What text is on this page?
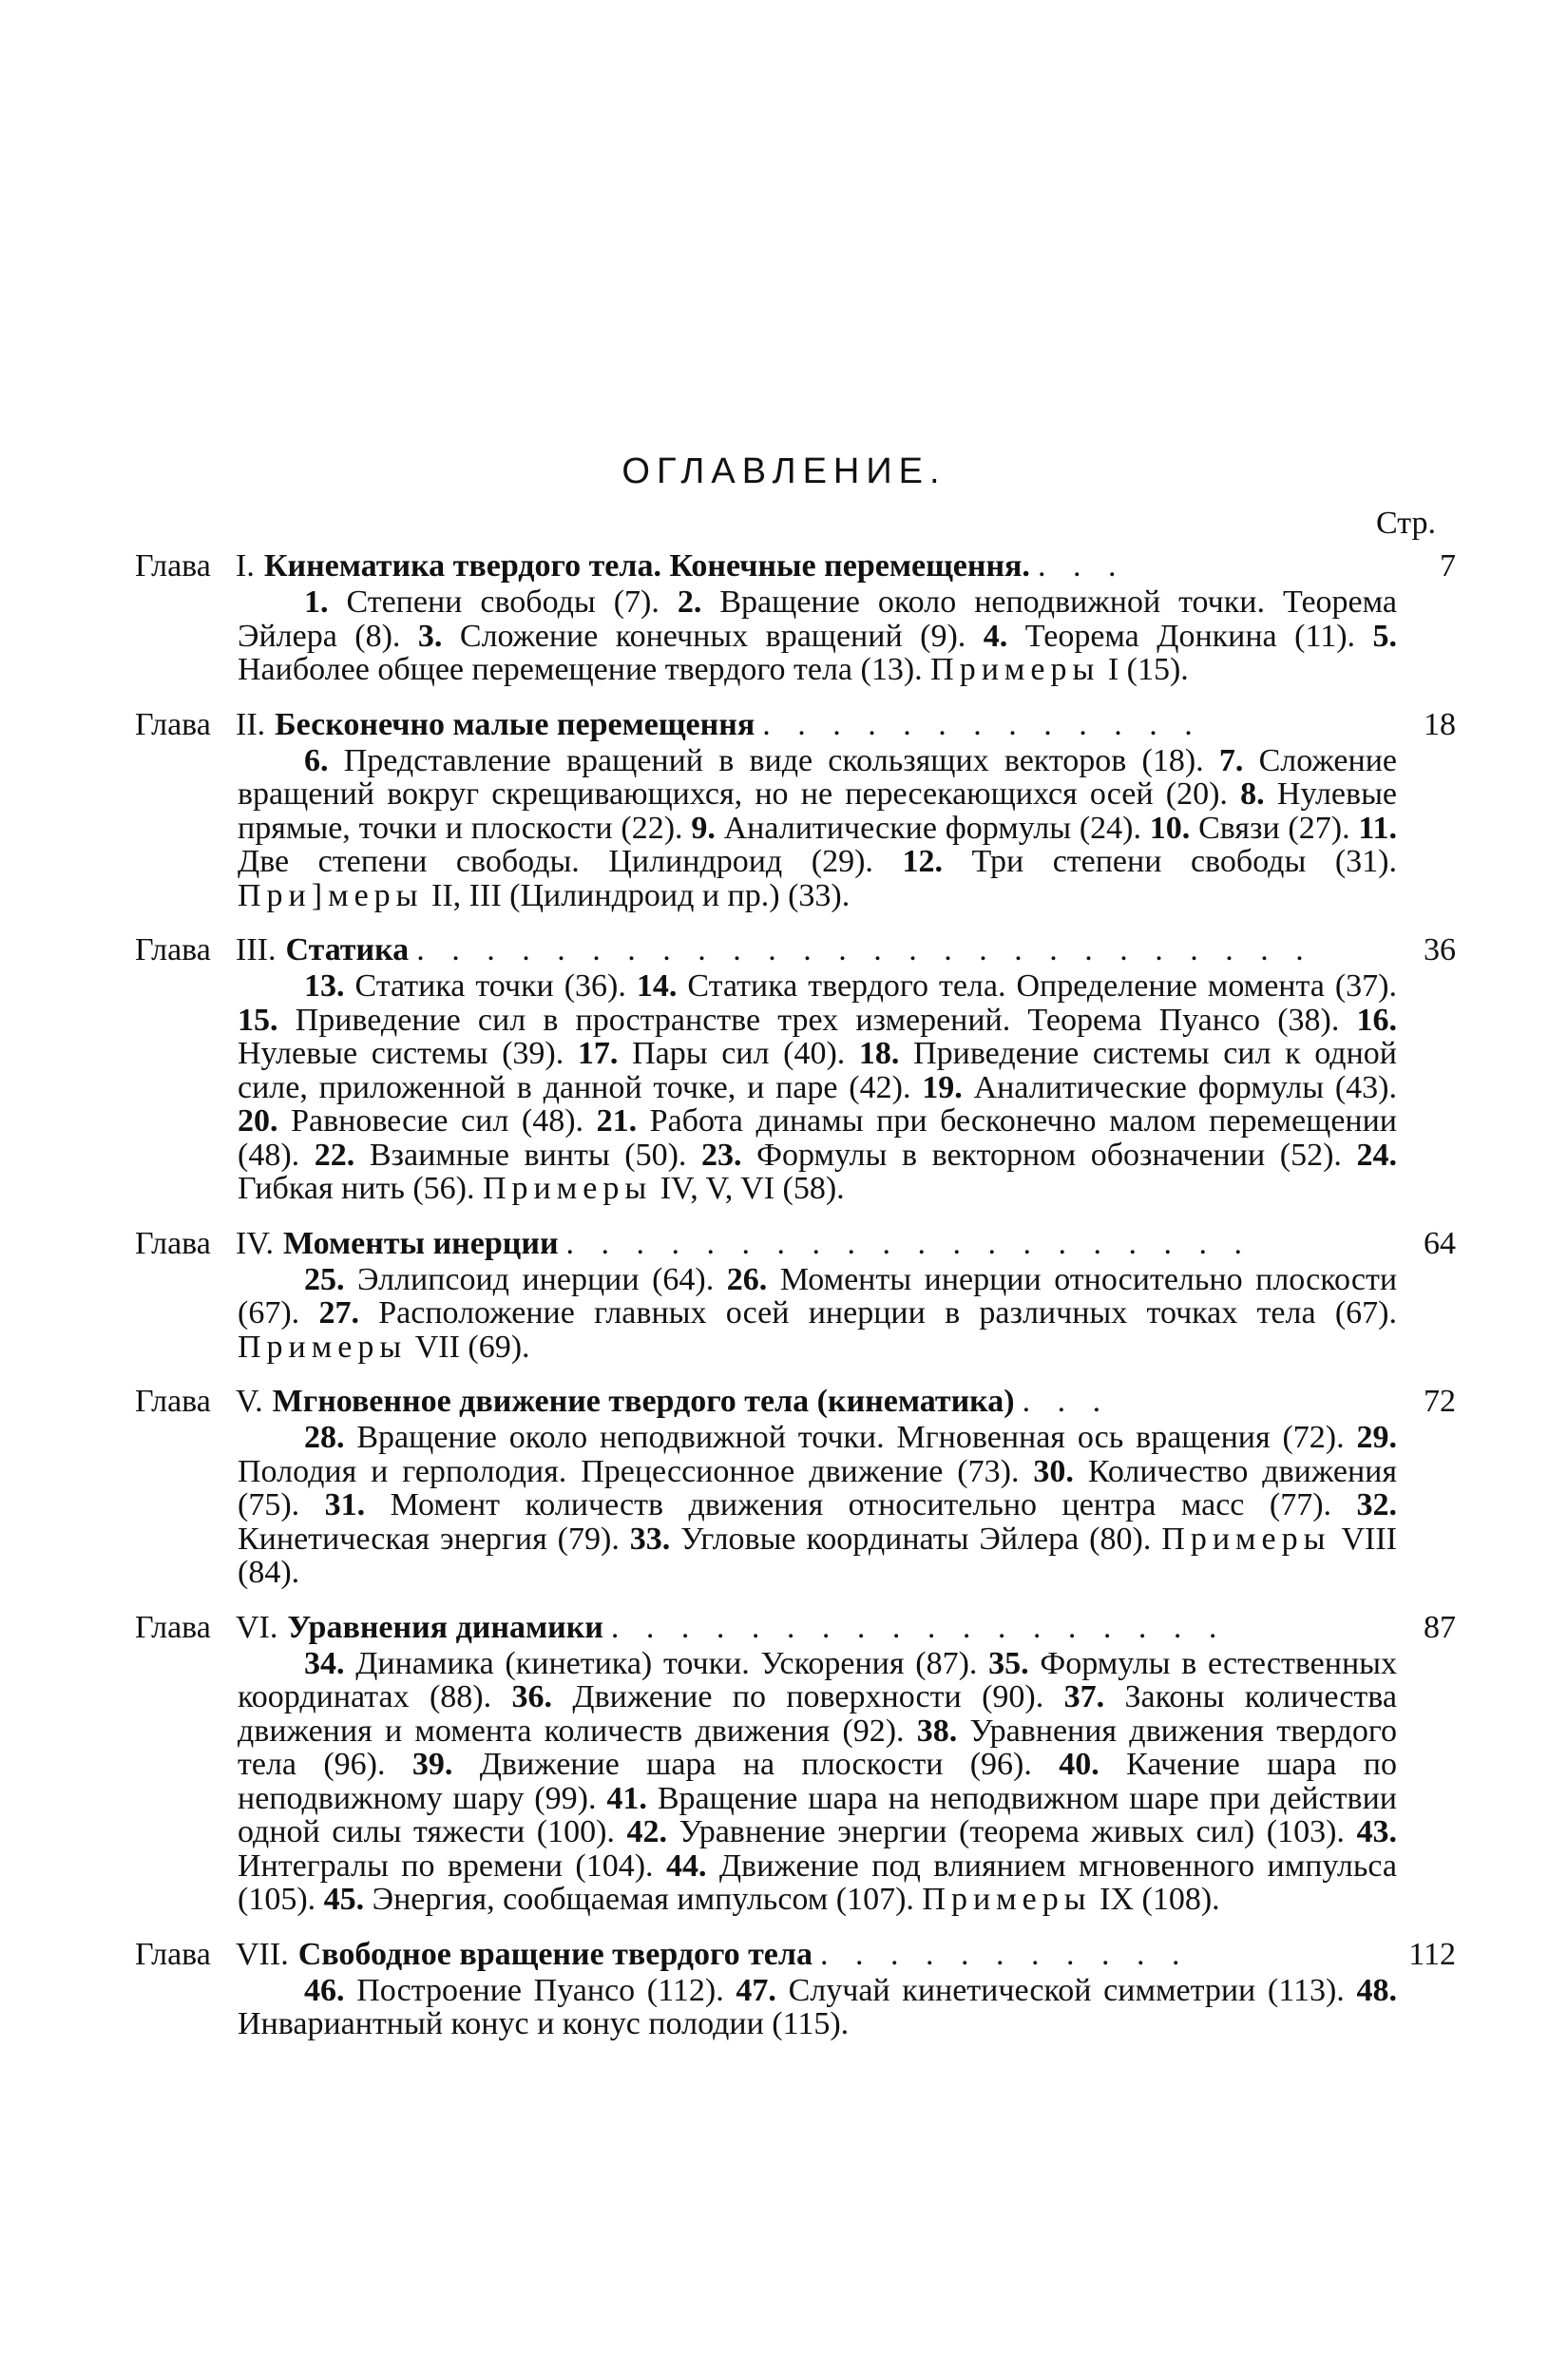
ОГЛАВЛЕНИЕ.
Стр.
Глава I. Кинематика твердого тела. Конечные перемещення. . . .	7
1. Степени свободы (7). 2. Вращение около неподвижной точки. Теорема Эйлера (8). 3. Сложение конечных вращений (9). 4. Теорема Донкина (11). 5. Наиболее общее перемещение твердого тела (13). Примеры I (15).
Глава II. Бесконечно малые перемещення . . . . . . . . . . . . .	18
6. Представление вращений в виде скользящих векторов (18). 7. Сложение вращений вокруг скрещивающихся, но не пересекающихся осей (20). 8. Нулевые прямые, точки и плоскости (22). 9. Аналитические формулы (24). 10. Связи (27). 11. Две степени свободы. Цилиндроид (29). 12. Три степени свободы (31). При]меры II, III (Цилиндроид и пр.) (33).
Глава III. Статика . . . . . . . . . . . . . . . . . . . . . . . . . .	36
13. Статика точки (36). 14. Статика твердого тела. Определение момента (37). 15. Приведение сил в пространстве трех измерений. Теорема Пуансо (38). 16. Нулевые системы (39). 17. Пары сил (40). 18. Приведение системы сил к одной силе, приложенной в данной точке, и паре (42). 19. Аналитические формулы (43). 20. Равновесие сил (48). 21. Работа динамы при бесконечно малом перемещении (48). 22. Взаимные винты (50). 23. Формулы в векторном обозначении (52). 24. Гибкая нить (56). Примеры IV, V, VI (58).
Глава IV. Моменты инерции . . . . . . . . . . . . . . . . . . . .	64
25. Эллипсоид инерции (64). 26. Моменты инерции относительно плоскости (67). 27. Расположение главных осей инерции в различных точках тела (67). Примеры VII (69).
Глава V. Мгновенное движение твердого тела (кинематика) . . .	72
28. Вращение около неподвижной точки. Мгновенная ось вращения (72). 29. Полодия и герполодия. Прецессионное движение (73). 30. Количество движения (75). 31. Момент количеств движения относительно центра масс (77). 32. Кинетическая энергия (79). 33. Угловые координаты Эйлера (80). Примеры VIII (84).
Глава VI. Уравнения динамики . . . . . . . . . . . . . . . . . .	87
34. Динамика (кинетика) точки. Ускорения (87). 35. Формулы в естественных координатах (88). 36. Движение по поверхности (90). 37. Законы количества движения и момента количеств движения (92). 38. Уравнения движения твердого тела (96). 39. Движение шара на плоскости (96). 40. Качение шара по неподвижному шару (99). 41. Вращение шара на неподвижном шаре при действии одной силы тяжести (100). 42. Уравнение энергии (теорема живых сил) (103). 43. Интегралы по времени (104). 44. Движение под влиянием мгновенного импульса (105). 45. Энергия, сообщаемая импульсом (107). Примеры IX (108).
Глава VII. Свободное вращение твердого тела . . . . . . . . . . .	112
46. Построение Пуансо (112). 47. Случай кинетической симметрии (113). 48. Инвариантный конус и конус полодии (115).
